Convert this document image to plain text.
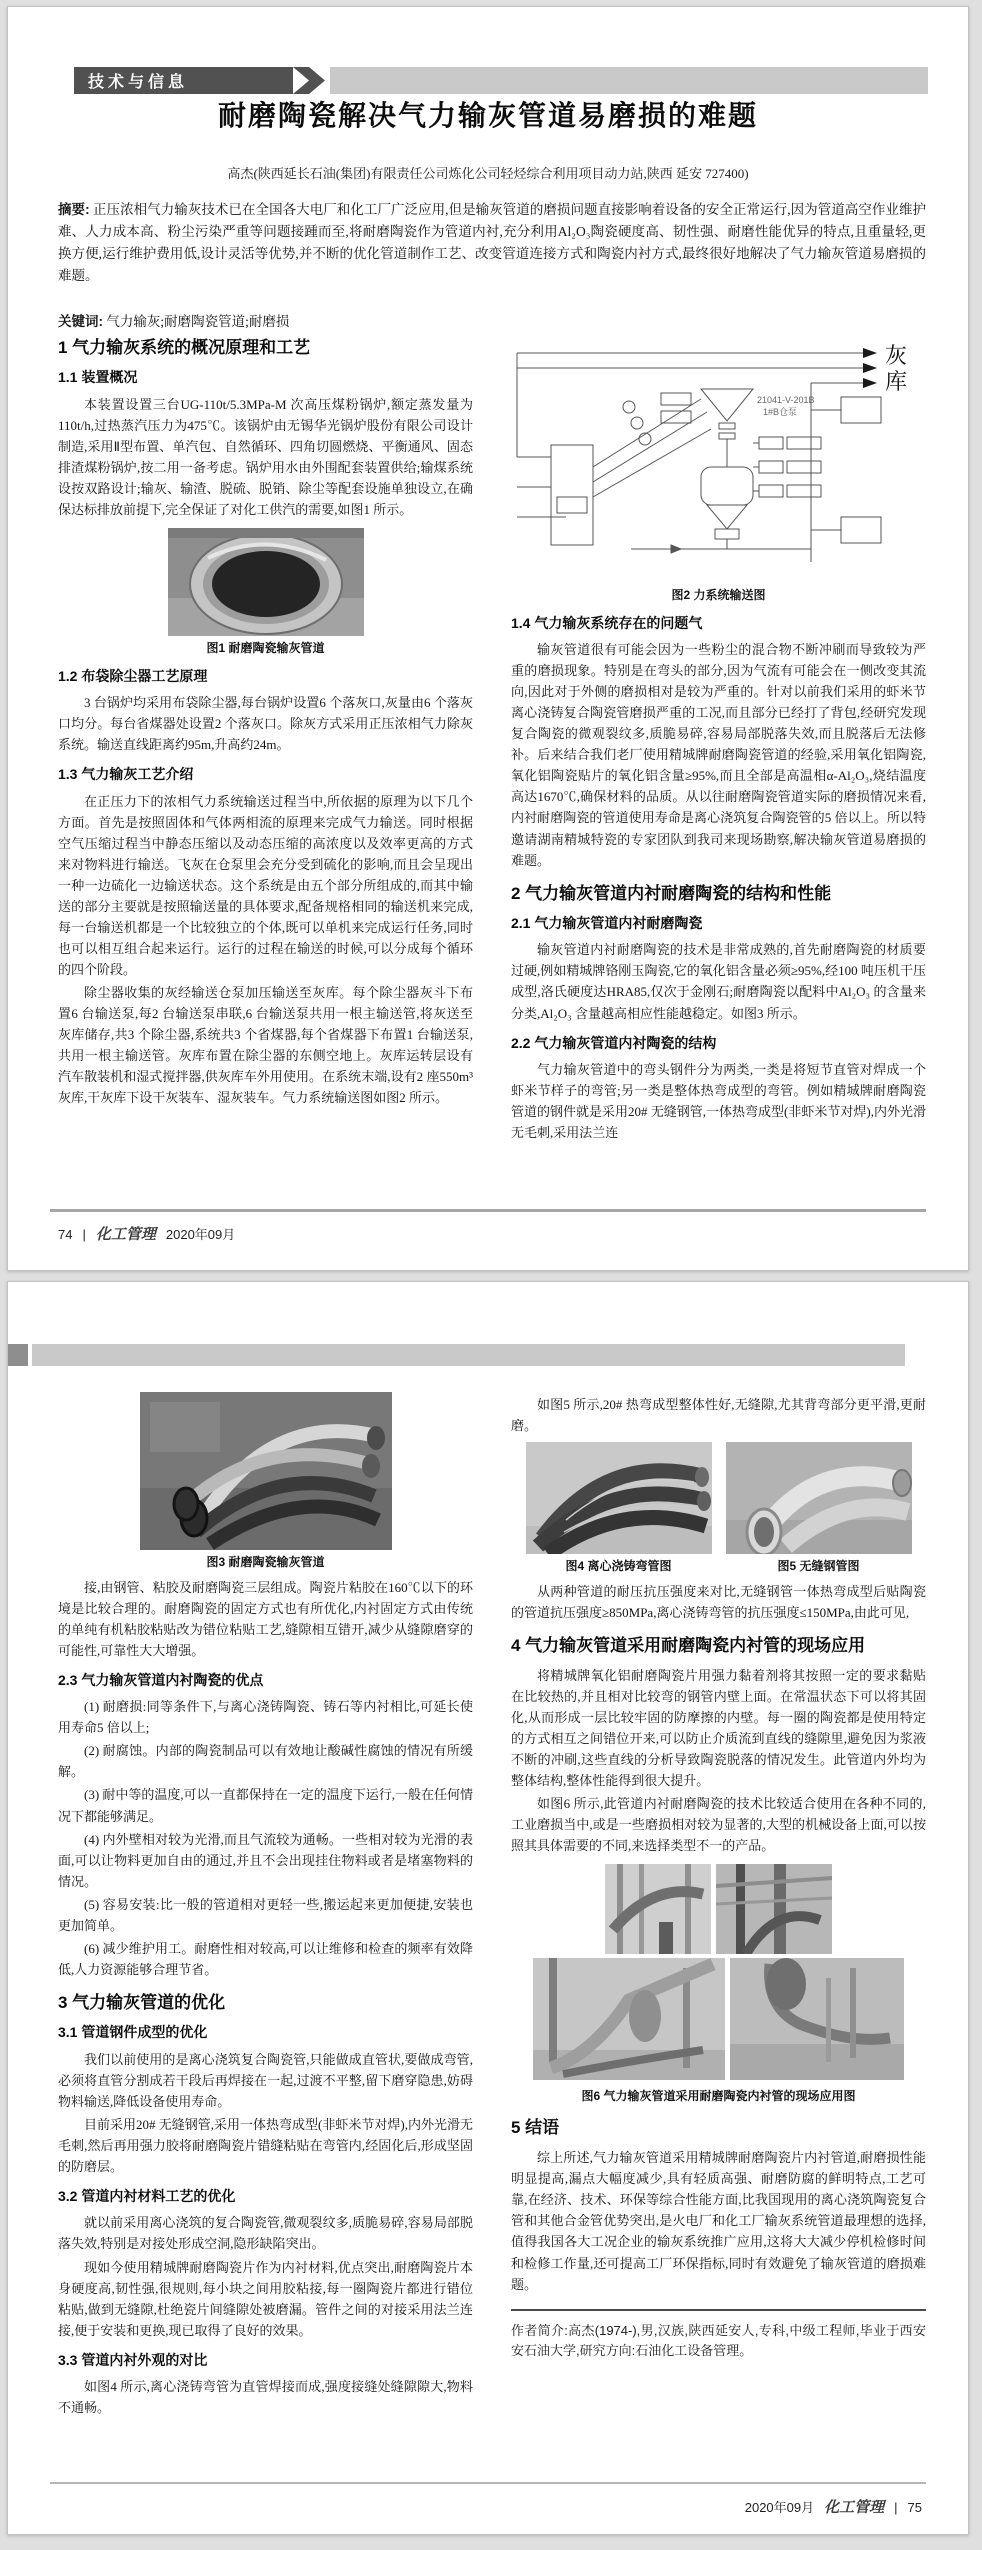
技术与信息
耐磨陶瓷解决气力输灰管道易磨损的难题
高杰(陕西延长石油(集团)有限责任公司炼化公司轻烃综合利用项目动力站,陕西 延安 727400)
摘要: 正压浓相气力输灰技术已在全国各大电厂和化工厂广泛应用,但是输灰管道的磨损问题直接影响着设备的安全正常运行,因为管道高空作业维护难、人力成本高、粉尘污染严重等问题接踵而至,将耐磨陶瓷作为管道内衬,充分利用Al₂O₃陶瓷硬度高、韧性强、耐磨性能优异的特点,且重量轻,更换方便,运行维护费用低,设计灵活等优势,并不断的优化管道制作工艺、改变管道连接方式和陶瓷内衬方式,最终很好地解决了气力输灰管道易磨损的难题。
关键词: 气力输灰;耐磨陶瓷管道;耐磨损
1 气力输灰系统的概况原理和工艺
1.1 装置概况

本装置设置三台UG-110t/5.3MPa-M 次高压煤粉锅炉,额定蒸发量为110t/h,过热蒸汽压力为475℃。该锅炉由无锡华光锅炉股份有限公司设计制造,采用Ⅱ型布置、单汽包、自然循环、四角切圆燃烧、平衡通风、固态排渣煤粉锅炉,按二用一备考虑。锅炉用水由外围配套装置供给;输煤系统设按双路设计;输灰、输渣、脱硫、脱销、除尘等配套设施单独设立,在确保达标排放前提下,完全保证了对化工供汽的需要,如图1 所示。

图1 耐磨陶瓷输灰管道
1.2 布袋除尘器工艺原理

3 台锅炉均采用布袋除尘器,每台锅炉设置6 个落灰口,灰量由6 个落灰口均分。每台省煤器处设置2 个落灰口。除灰方式采用正压浓相气力除灰系统。输送直线距离约95m,升高约24m。

1.3 气力输灰工艺介绍

在正压力下的浓相气力系统输送过程当中,所依据的原理为以下几个方面。首先是按照固体和气体两相流的原理来完成气力输送。同时根据空气压缩过程当中静态压缩以及动态压缩的高浓度以及效率更高的方式来对物料进行输送。飞灰在仓泵里会充分受到硫化的影响,而且会呈现出一种一边硫化一边输送状态。这个系统是由五个部分所组成的,而其中输送的部分主要就是按照输送量的具体要求,配备规格相同的输送机来完成,每一台输送机都是一个比较独立的个体,既可以单机来完成运行任务,同时也可以相互组合起来运行。运行的过程在输送的时候,可以分成每个循环的四个阶段。

除尘器收集的灰经输送仓泵加压输送至灰库。每个除尘器灰斗下布置6 台输送泵,每2 台输送泵串联,6 台输送泵共用一根主输送管,将灰送至灰库储存,共3 个除尘器,系统共3 个省煤器,每个省煤器下布置1 台输送泵,共用一根主输送管。灰库布置在除尘器的东侧空地上。灰库运转层设有汽车散装机和湿式搅拌器,供灰库车外用使用。在系统末端,设有2 座550m³ 灰库,干灰库下设干灰装车、湿灰装车。气力系统输送图如图2 所示。

灰
库
21041-V-201B
1#B仓泵
图2 力系统输送图
1.4 气力输灰系统存在的问题气

输灰管道很有可能会因为一些粉尘的混合物不断冲刷而导致较为严重的磨损现象。特别是在弯头的部分,因为气流有可能会在一侧改变其流向,因此对于外侧的磨损相对是较为严重的。针对以前我们采用的虾米节离心浇铸复合陶瓷管磨损严重的工况,而且部分已经打了背包,经研究发现复合陶瓷的微观裂纹多,质脆易碎,容易局部脱落失效,而且脱落后无法修补。后来结合我们老厂使用精城牌耐磨陶瓷管道的经验,采用氧化铝陶瓷,氧化铝陶瓷贴片的氧化铝含量≥95%,而且全部是高温相α-Al₂O₃,烧结温度高达1670℃,确保材料的品质。从以往耐磨陶瓷管道实际的磨损情况来看,内衬耐磨陶瓷的管道使用寿命是离心浇筑复合陶瓷管的5 倍以上。所以特邀请湖南精城特瓷的专家团队到我司来现场勘察,解决输灰管道易磨损的难题。

2 气力输灰管道内衬耐磨陶瓷的结构和性能
2.1 气力输灰管道内衬耐磨陶瓷

输灰管道内衬耐磨陶瓷的技术是非常成熟的,首先耐磨陶瓷的材质要过硬,例如精城牌铬刚玉陶瓷,它的氧化铝含量必须≥95%,经100 吨压机干压成型,洛氏硬度达HRA85,仅次于金刚石;耐磨陶瓷以配料中Al₂O₃ 的含量来分类,Al₂O₃ 含量越高相应性能越稳定。如图3 所示。

2.2 气力输灰管道内衬陶瓷的结构

气力输灰管道中的弯头钢件分为两类,一类是将短节直管对焊成一个虾米节样子的弯管;另一类是整体热弯成型的弯管。例如精城牌耐磨陶瓷管道的钢件就是采用20# 无缝钢管,一体热弯成型(非虾米节对焊),内外光滑无毛刺,采用法兰连

74 | 化工管理 2020年09月
图3 耐磨陶瓷输灰管道

接,由钢管、粘胶及耐磨陶瓷三层组成。陶瓷片粘胶在160℃以下的环境是比较合理的。耐磨陶瓷的固定方式也有所优化,内衬固定方式由传统的单纯有机粘胶粘贴改为错位粘贴工艺,缝隙相互错开,减少从缝隙磨穿的可能性,可靠性大大增强。

2.3 气力输灰管道内衬陶瓷的优点

(1) 耐磨损:同等条件下,与离心浇铸陶瓷、铸石等内衬相比,可延长使用寿命5 倍以上;

(2) 耐腐蚀。内部的陶瓷制品可以有效地让酸碱性腐蚀的情况有所缓解。

(3) 耐中等的温度,可以一直都保持在一定的温度下运行,一般在任何情况下都能够满足。

(4) 内外壁相对较为光滑,而且气流较为通畅。一些相对较为光滑的表面,可以让物料更加自由的通过,并且不会出现挂住物料或者是堵塞物料的情况。

(5) 容易安装:比一般的管道相对更轻一些,搬运起来更加便捷,安装也更加简单。

(6) 减少维护用工。耐磨性相对较高,可以让维修和检查的频率有效降低,人力资源能够合理节省。

3 气力输灰管道的优化
3.1 管道钢件成型的优化

我们以前使用的是离心浇筑复合陶瓷管,只能做成直管状,要做成弯管,必须将直管分割成若干段后再焊接在一起,过渡不平整,留下磨穿隐患,妨碍物料输送,降低设备使用寿命。

目前采用20# 无缝钢管,采用一体热弯成型(非虾米节对焊),内外光滑无毛刺,然后再用强力胶将耐磨陶瓷片错缝粘贴在弯管内,经固化后,形成坚固的防磨层。

3.2 管道内衬材料工艺的优化

就以前采用离心浇筑的复合陶瓷管,微观裂纹多,质脆易碎,容易局部脱落失效,特别是对接处形成空洞,隐形缺陷突出。

现如今使用精城牌耐磨陶瓷片作为内衬材料,优点突出,耐磨陶瓷片本身硬度高,韧性强,很规则,每小块之间用胶粘接,每一圈陶瓷片都进行错位粘贴,做到无缝隙,杜绝瓷片间缝隙处被磨漏。管件之间的对接采用法兰连接,便于安装和更换,现已取得了良好的效果。

3.3 管道内衬外观的对比

如图4 所示,离心浇铸弯管为直管焊接而成,强度接缝处缝隙隙大,物料不通畅。

如图5 所示,20# 热弯成型整体性好,无缝隙,尤其背弯部分更平滑,更耐磨。

图4 离心浇铸弯管图	图5 无缝钢管图

从两种管道的耐压抗压强度来对比,无缝钢管一体热弯成型后贴陶瓷的管道抗压强度≥850MPa,离心浇铸弯管的抗压强度≤150MPa,由此可见,

4 气力输灰管道采用耐磨陶瓷内衬管的现场应用

将精城牌氧化铝耐磨陶瓷片用强力黏着剂将其按照一定的要求黏贴在比较热的,并且相对比较弯的钢管内壁上面。在常温状态下可以将其固化,从而形成一层比较牢固的防摩擦的内壁。每一圈的陶瓷都是使用特定的方式相互之间错位开来,可以防止介质流到直线的缝隙里,避免因为浆液不断的冲刷,这些直线的分析导致陶瓷脱落的情况发生。此管道内外均为整体结构,整体性能得到很大提升。

如图6 所示,此管道内衬耐磨陶瓷的技术比较适合使用在各种不同的,工业磨损当中,或是一些磨损相对较为显著的,大型的机械设备上面,可以按照其具体需要的不同,来选择类型不一的产品。

图6 气力输灰管道采用耐磨陶瓷内衬管的现场应用图
5 结语

综上所述,气力输灰管道采用精城牌耐磨陶瓷片内衬管道,耐磨损性能明显提高,漏点大幅度减少,具有轻质高强、耐磨防腐的鲜明特点,工艺可靠,在经济、技术、环保等综合性能方面,比我国现用的离心浇筑陶瓷复合管和其他合金管优势突出,是火电厂和化工厂输灰系统管道最理想的选择,值得我国各大工况企业的输灰系统推广应用,这将大大减少停机检修时间和检修工作量,还可提高工厂环保指标,同时有效避免了输灰管道的磨损难题。

作者简介:高杰(1974-),男,汉族,陕西延安人,专科,中级工程师,毕业于西安安石油大学,研究方向:石油化工设备管理。
2020年09月 化工管理 | 75
